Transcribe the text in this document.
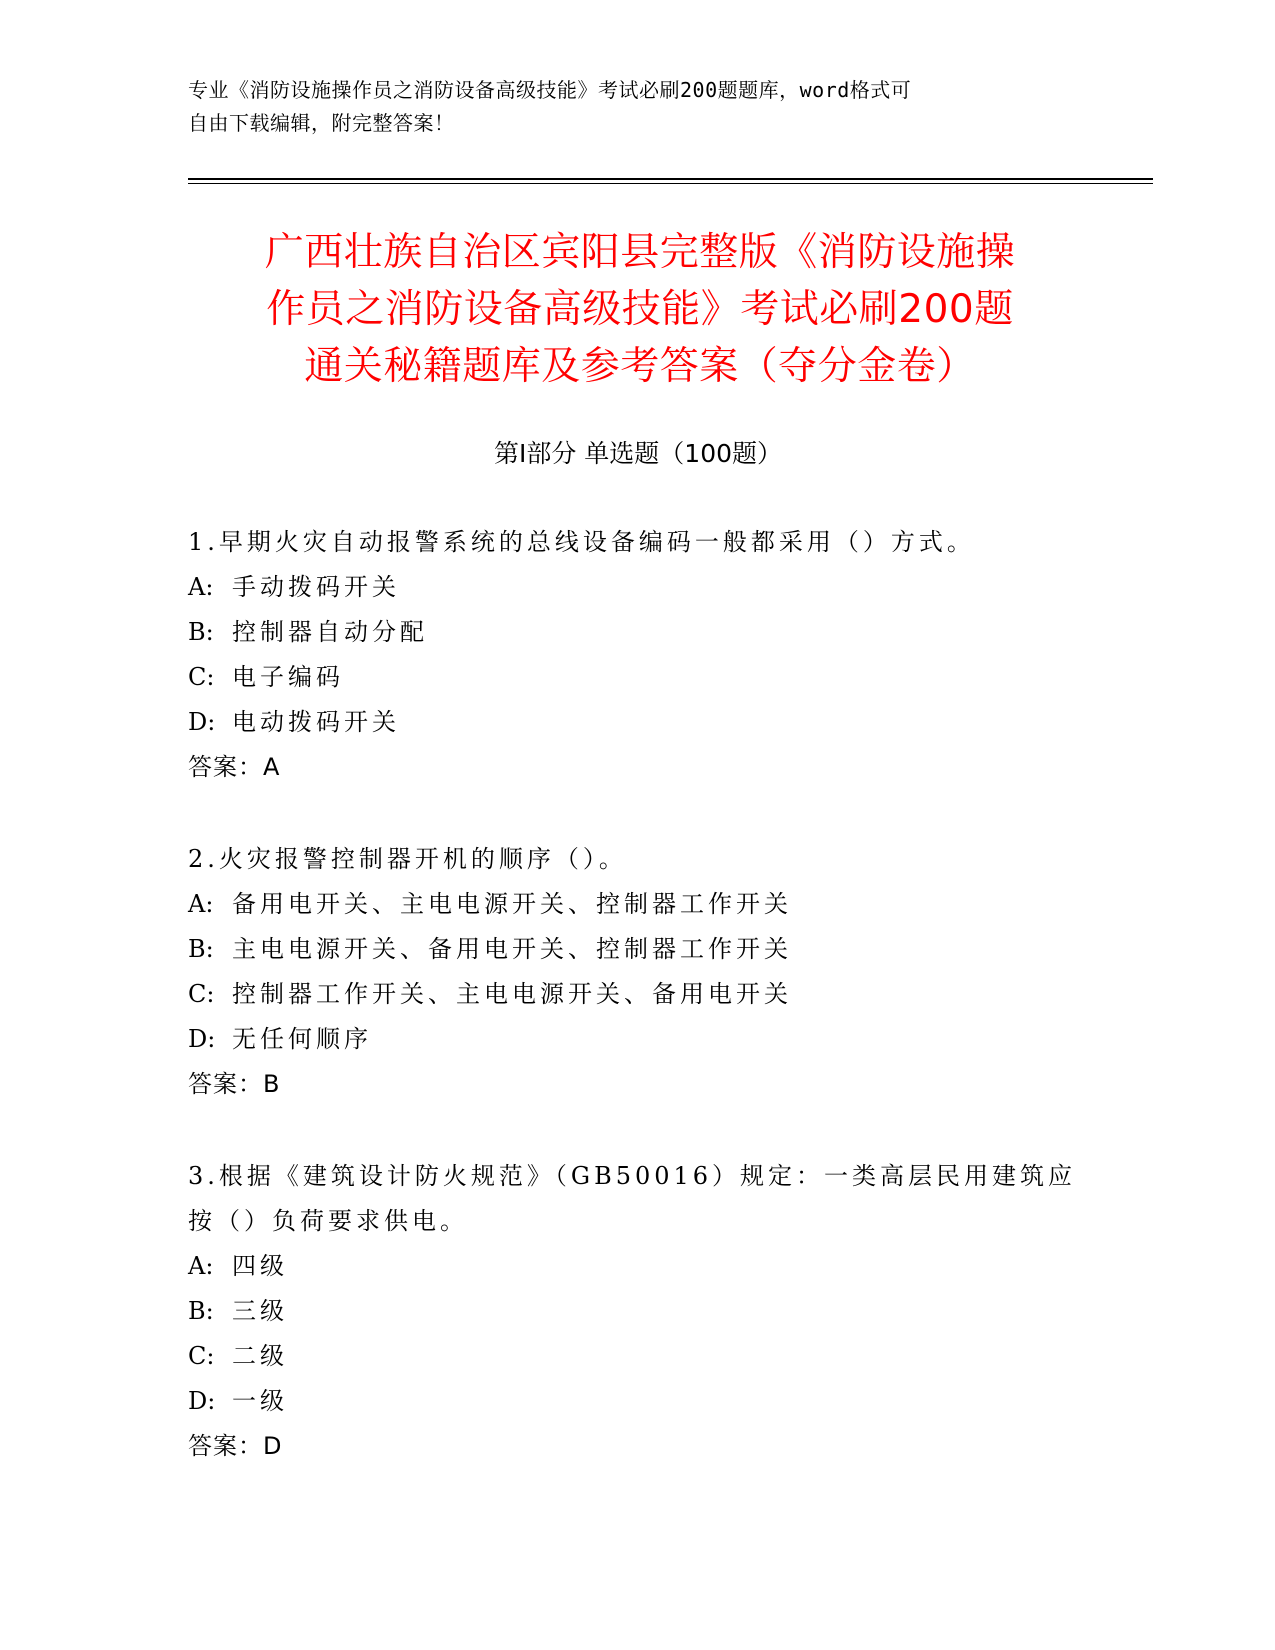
专业《消防设施操作员之消防设备高级技能》考试必刷200题题库，word格式可
自由下载编辑，附完整答案！
广西壮族自治区宾阳县完整版《消防设施操
作员之消防设备高级技能》考试必刷200题
通关秘籍题库及参考答案（夺分金卷）
第Ⅰ部分 单选题（100题）
1.早期火灾自动报警系统的总线设备编码一般都采用（）方式。
A: 手动拨码开关
B: 控制器自动分配
C: 电子编码
D: 电动拨码开关
答案：A
2.火灾报警控制器开机的顺序（）。
A: 备用电开关、主电电源开关、控制器工作开关
B: 主电电源开关、备用电开关、控制器工作开关
C: 控制器工作开关、主电电源开关、备用电开关
D: 无任何顺序
答案：B
3.根据《建筑设计防火规范》（GB50016）规定：一类高层民用建筑应
按（）负荷要求供电。
A: 四级
B: 三级
C: 二级
D: 一级
答案：D
